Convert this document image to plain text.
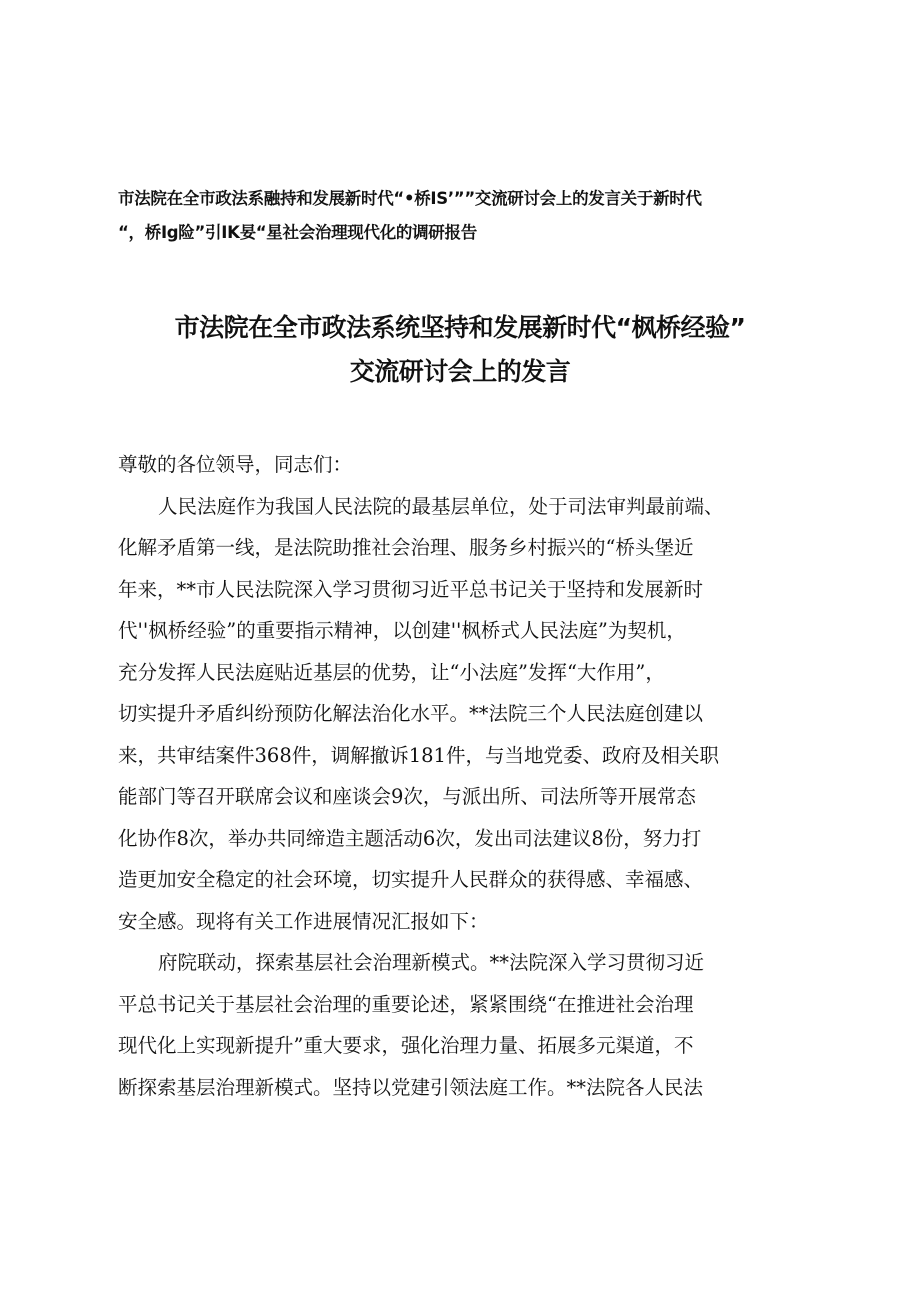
市法院在全市政法系融持和发展新时代“•桥IS’””交流研讨会上的发言关于新时代
“，桥Ig险”引IK妟“星社会治理现代化的调研报告
市法院在全市政法系统坚持和发展新时代“枫桥经验”
交流研讨会上的发言
尊敬的各位领导，同志们：
人民法庭作为我国人民法院的最基层单位，处于司法审判最前端、
化解矛盾第一线，是法院助推社会治理、服务乡村振兴的“桥头堡近
年来，**市人民法院深入学习贯彻习近平总书记关于坚持和发展新时
代''枫桥经验”的重要指示精神，以创建''枫桥式人民法庭”为契机，
充分发挥人民法庭贴近基层的优势，让“小法庭”发挥“大作用”，
切实提升矛盾纠纷预防化解法治化水平。**法院三个人民法庭创建以
来，共审结案件368件，调解撤诉181件，与当地党委、政府及相关职
能部门等召开联席会议和座谈会9次，与派出所、司法所等开展常态
化协作8次，举办共同缔造主题活动6次，发出司法建议8份，努力打
造更加安全稳定的社会环境，切实提升人民群众的获得感、幸福感、
安全感。现将有关工作进展情况汇报如下：
府院联动，探索基层社会治理新模式。**法院深入学习贯彻习近
平总书记关于基层社会治理的重要论述，紧紧围绕“在推进社会治理
现代化上实现新提升”重大要求，强化治理力量、拓展多元渠道，不
断探索基层治理新模式。坚持以党建引领法庭工作。**法院各人民法
